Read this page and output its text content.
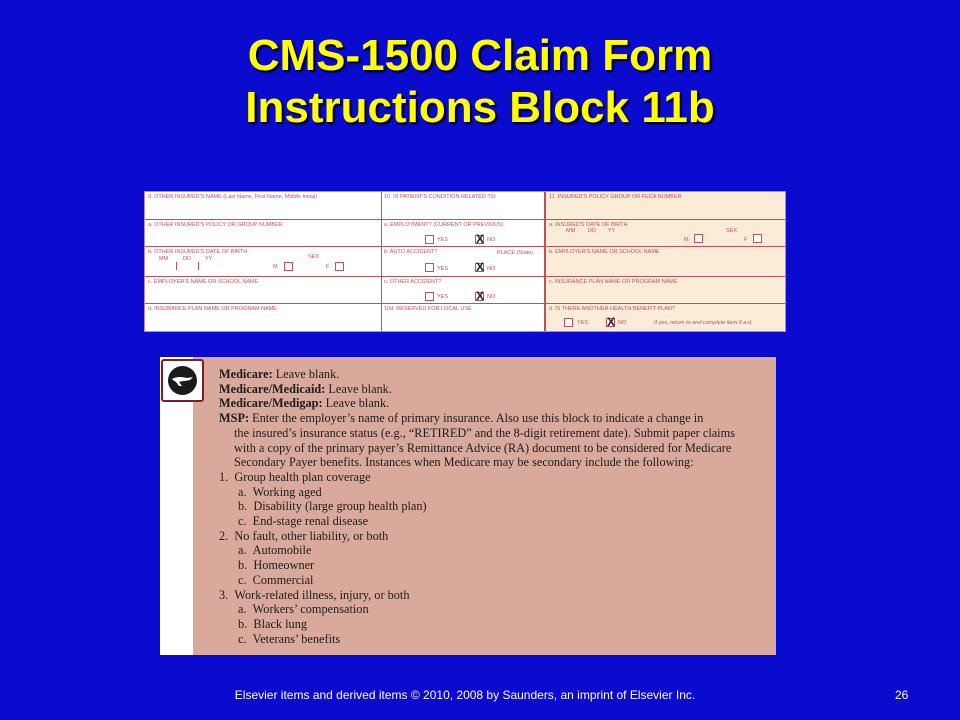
CMS-1500 Claim Form
Instructions Block 11b
9. OTHER INSURED'S NAME (Last Name, First Name, Middle Initial)
a. OTHER INSURED'S POLICY OR GROUP NUMBER
b. OTHER INSURED'S DATE OF BIRTH
MM	DD	YY	SEX
M	F
c. EMPLOYER'S NAME OR SCHOOL NAME
d. INSURANCE PLAN NAME OR PROGRAM NAME
10. IS PATIENT'S CONDITION RELATED TO:
a. EMPLOYMENT? (CURRENT OR PREVIOUS)
YES X NO
b. AUTO ACCIDENT?	PLACE (State)
YES X NO
c. OTHER ACCIDENT?
YES X NO
10d. RESERVED FOR LOCAL USE
11. INSURED'S POLICY GROUP OR FECA NUMBER
a. INSURED'S DATE OF BIRTH
MM DD YY	SEX
M	F
b. EMPLOYER'S NAME OR SCHOOL NAME
c. INSURANCE PLAN NAME OR PROGRAM NAME
d. IS THERE ANOTHER HEALTH BENEFIT PLAN?
YES X NO	If yes, return to and complete item 9 a-d.

Medicare: Leave blank.

Medicare/Medicaid: Leave blank.

Medicare/Medigap: Leave blank.

MSP: Enter the employer’s name of primary insurance. Also use this block to indicate a change in

the insured’s insurance status (e.g., “RETIRED” and the 8-digit retirement date). Submit paper claims

with a copy of the primary payer’s Remittance Advice (RA) document to be considered for Medicare

Secondary Payer benefits. Instances when Medicare may be secondary include the following:

1.  Group health plan coverage

a.  Working aged

b.  Disability (large group health plan)

c.  End-stage renal disease

2.  No fault, other liability, or both

a.  Automobile

b.  Homeowner

c.  Commercial

3.  Work-related illness, injury, or both

a.  Workers’ compensation

b.  Black lung

c.  Veterans’ benefits

Elsevier items and derived items © 2010, 2008 by Saunders, an imprint of Elsevier Inc.	26
